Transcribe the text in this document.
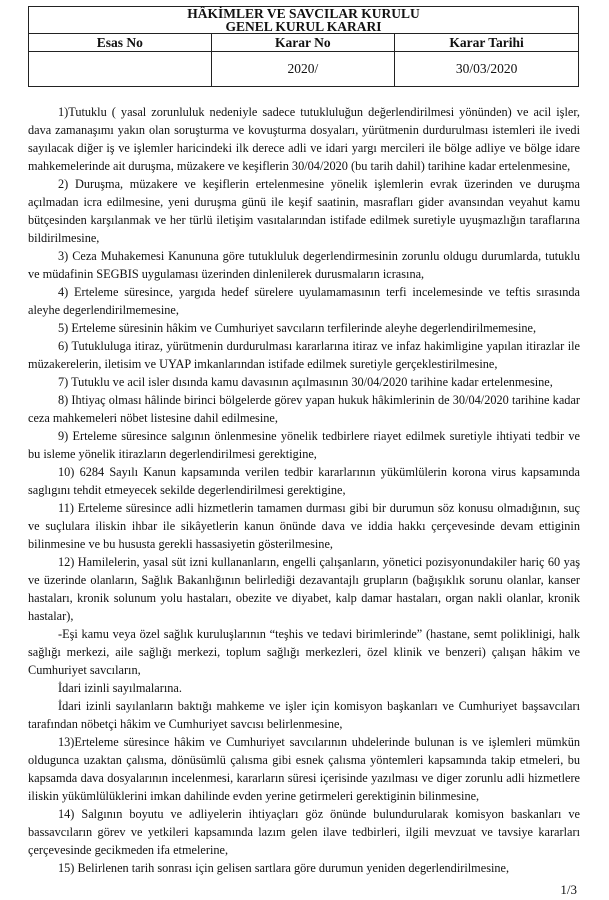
HÂKİMLER VE SAVCILAR KURULU
GENEL KURUL KARARI		

Esas No	Karar No	Karar Tarihi
	2020/	30/03/2020

1)Tutuklu ( yasal zorunluluk nedeniyle sadece tutukluluğun değerlendirilmesi yönünden) ve acil işler, dava zamanaşımı yakın olan soruşturma ve kovuşturma dosyaları, yürütmenin durdurulması istemleri ile ivedi sayılacak diğer iş ve işlemler haricindeki ilk derece adli ve idari yargı mercileri ile bölge adliye ve bölge idare mahkemelerinde ait duruşma, müzakere ve keşiflerin 30/04/2020 (bu tarih dahil) tarihine kadar ertelenmesine,

2) Duruşma, müzakere ve keşiflerin ertelenmesine yönelik işlemlerin evrak üzerinden ve duruşma açılmadan icra edilmesine, yeni duruşma günü ile keşif saatinin, masrafları gider avansından veyahut kamu bütçesinden karşılanmak ve her türlü iletişim vasıtalarından istifade edilmek suretiyle uyuşmazlığın taraflarına bildirilmesine,

3) Ceza Muhakemesi Kanununa göre tutukluluk degerlendirmesinin zorunlu oldugu durumlarda, tutuklu ve müdafinin SEGBIS uygulaması üzerinden dinlenilerek durusmaların icrasına,

4) Erteleme süresince, yargıda hedef sürelere uyulamamasının terfi incelemesinde ve teftis sırasında aleyhe degerlendirilmemesine,

5) Erteleme süresinin hâkim ve Cumhuriyet savcıların terfilerinde aleyhe degerlendirilmemesine,

6) Tutukluluga itiraz, yürütmenin durdurulması kararlarına itiraz ve infaz hakimligine yapılan itirazlar ile müzakerelerin, iletisim ve UYAP imkanlarından istifade edilmek suretiyle gerçeklestirilmesine,

7) Tutuklu ve acil isler dısında kamu davasının açılmasının 30/04/2020 tarihine kadar ertelenmesine,

8) Ihtiyaç olması hâlinde birinci bölgelerde görev yapan hukuk hâkimlerinin de 30/04/2020 tarihine kadar ceza mahkemeleri nöbet listesine dahil edilmesine,

9) Erteleme süresince salgının önlenmesine yönelik tedbirlere riayet edilmek suretiyle ihtiyati tedbir ve bu isleme yönelik itirazların degerlendirilmesi gerektigine,

10) 6284 Sayılı Kanun kapsamında verilen tedbir kararlarının yükümlülerin korona virus kapsamında saglıgını tehdit etmeyecek sekilde degerlendirilmesi gerektigine,

11) Erteleme süresince adli hizmetlerin tamamen durması gibi bir durumun söz konusu olmadığının, suç ve suçlulara iliskin ihbar ile sikâyetlerin kanun önünde dava ve iddia hakkı çerçevesinde devam ettiginin bilinmesine ve bu hususta gerekli hassasiyetin gösterilmesine,

12) Hamilelerin, yasal süt izni kullananların, engelli çalışanların, yönetici pozisyonundakiler hariç 60 yaş ve üzerinde olanların, Sağlık Bakanlığının belirlediği dezavantajlı grupların (bağışıklık sorunu olanlar, kanser hastaları, kronik solunum yolu hastaları, obezite ve diyabet, kalp damar hastaları, organ nakli olanlar, kronik hastalar),

-Eşi kamu veya özel sağlık kuruluşlarının “teşhis ve tedavi birimlerinde” (hastane, semt poliklinigi, halk sağlığı merkezi, aile sağlığı merkezi, toplum sağlığı merkezleri, özel klinik ve benzeri) çalışan hâkim ve Cumhuriyet savcıların,

İdari izinli sayılmalarına.

İdari izinli sayılanların baktığı mahkeme ve işler için komisyon başkanları ve Cumhuriyet başsavcıları tarafından nöbetçi hâkim ve Cumhuriyet savcısı belirlenmesine,

13)Erteleme süresince hâkim ve Cumhuriyet savcılarının uhdelerinde bulunan is ve işlemleri mümkün oldugunca uzaktan çalısma, dönüsümlü çalısma gibi esnek çalısma yöntemleri kapsamında takip etmeleri, bu kapsamda dava dosyalarının incelenmesi, kararların süresi içerisinde yazılması ve diger zorunlu adli hizmetlere iliskin yükümlülüklerini imkan dahilinde evden yerine getirmeleri gerektiginin bilinmesine,

14) Salgının boyutu ve adliyelerin ihtiyaçları göz önünde bulundurularak komisyon baskanları ve bassavcıların görev ve yetkileri kapsamında lazım gelen ilave tedbirleri, ilgili mevzuat ve tavsiye kararları çerçevesinde gecikmeden ifa etmelerine,

15) Belirlenen tarih sonrası için gelisen sartlara göre durumun yeniden degerlendirilmesine,

1/3
